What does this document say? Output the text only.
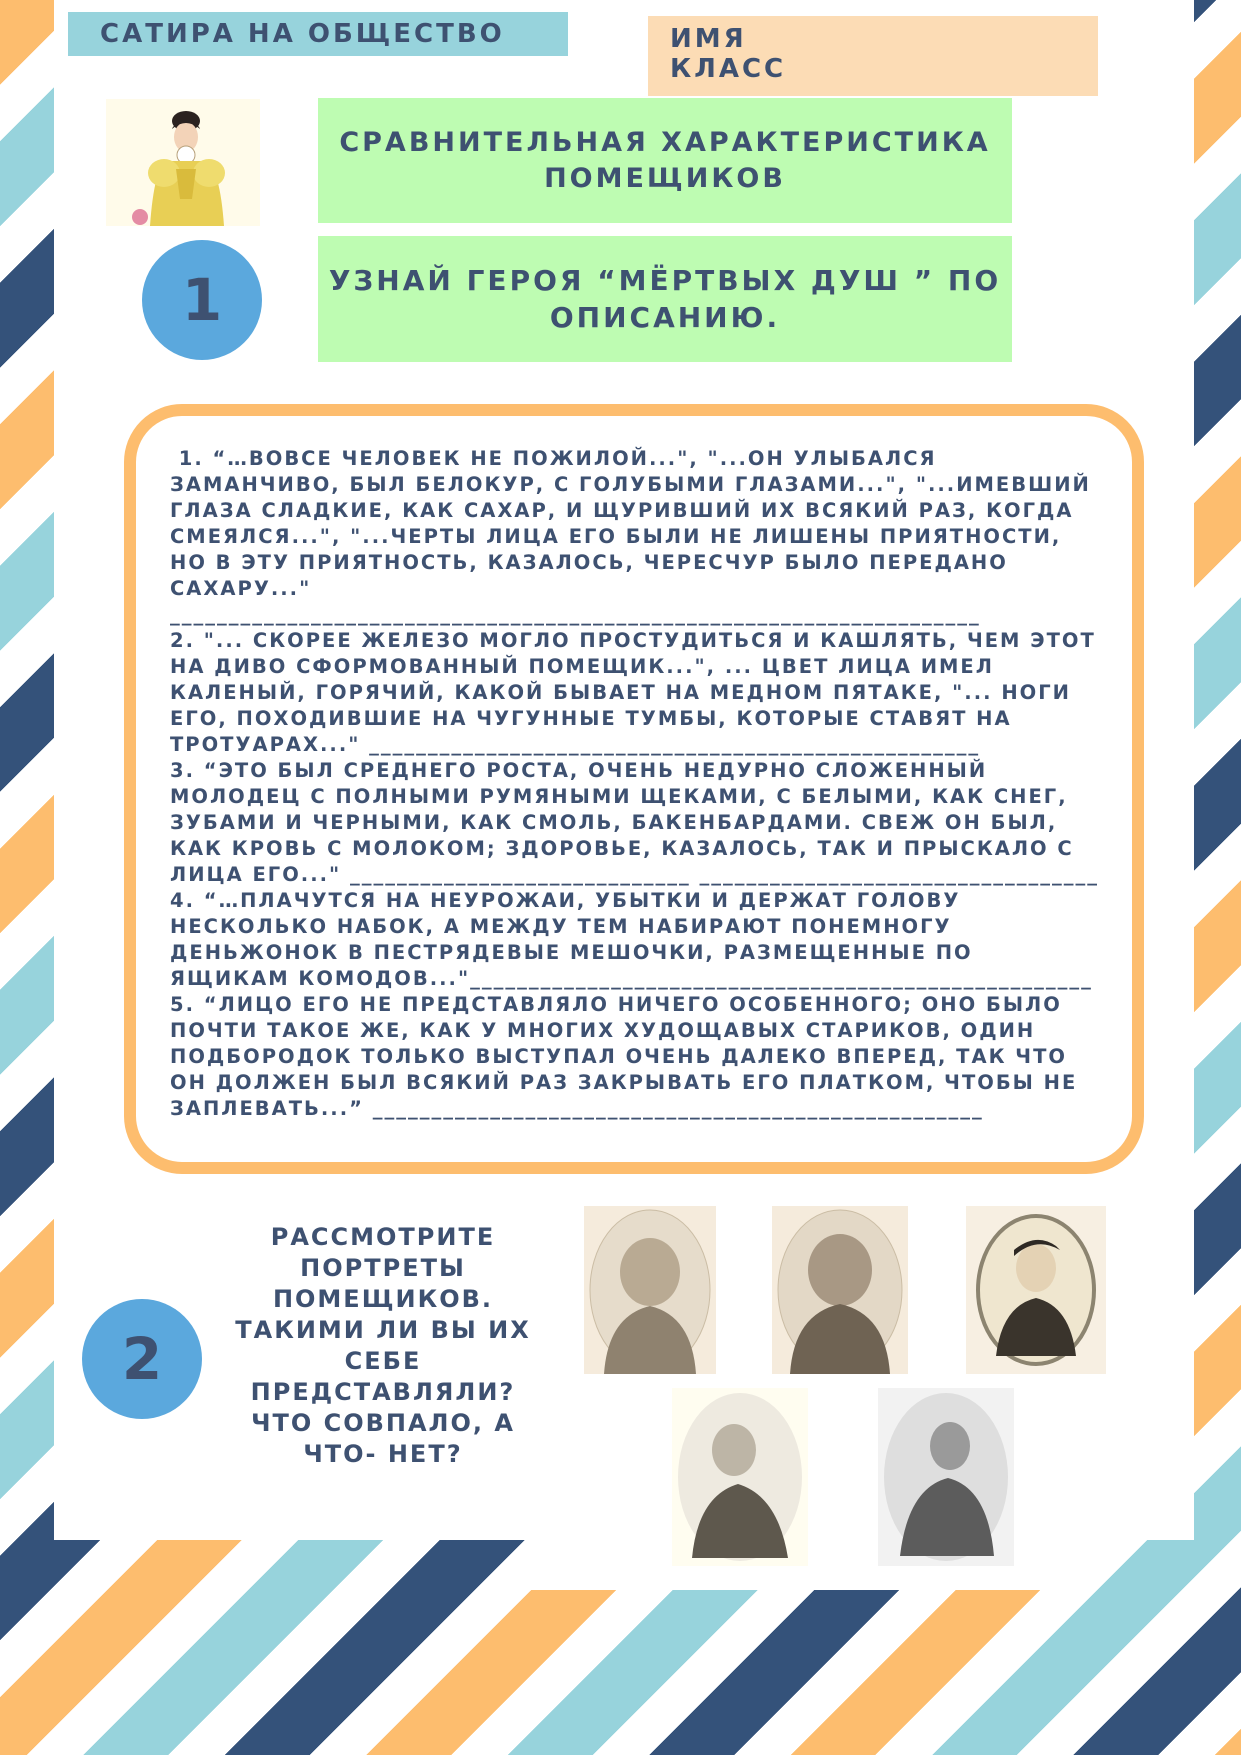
САТИРА НА ОБЩЕСТВО	ИМЯ
КЛАСС
СРАВНИТЕЛЬНАЯ ХАРАКТЕРИСТИКА ПОМЕЩИКОВ
1	УЗНАЙ ГЕРОЯ “МЁРТВЫХ ДУШ ” ПО ОПИСАНИЮ.

1. “…ВОВСЕ ЧЕЛОВЕК НЕ ПОЖИЛОЙ...", "...ОН УЛЫБАЛСЯ ЗАМАНЧИВО, БЫЛ БЕЛОКУР, С ГОЛУБЫМИ ГЛАЗАМИ...", "...ИМЕВШИЙ ГЛАЗА СЛАДКИЕ, КАК САХАР, И ЩУРИВШИЙ ИХ ВСЯКИЙ РАЗ, КОГДА СМЕЯЛСЯ...", "...ЧЕРТЫ ЛИЦА ЕГО БЫЛИ НЕ ЛИШЕНЫ ПРИЯТНОСТИ, НО В ЭТУ ПРИЯТНОСТЬ, КАЗАЛОСЬ, ЧЕРЕСЧУР БЫЛО ПЕРЕДАНО САХАРУ..." _____________________________________________________________________

2. "... СКОРЕЕ ЖЕЛЕЗО МОГЛО ПРОСТУДИТЬСЯ И КАШЛЯТЬ, ЧЕМ ЭТОТ НА ДИВО СФОРМОВАННЫЙ ПОМЕЩИК...", ... ЦВЕТ ЛИЦА ИМЕЛ КАЛЕНЫЙ, ГОРЯЧИЙ, КАКОЙ БЫВАЕТ НА МЕДНОМ ПЯТАКЕ, "... НОГИ ЕГО, ПОХОДИВШИЕ НА ЧУГУННЫЕ ТУМБЫ, КОТОРЫЕ СТАВЯТ НА ТРОТУАРАХ..." ____________________________________________________

3. “ЭТО БЫЛ СРЕДНЕГО РОСТА, ОЧЕНЬ НЕДУРНО СЛОЖЕННЫЙ МОЛОДЕЦ С ПОЛНЫМИ РУМЯНЫМИ ЩЕКАМИ, С БЕЛЫМИ, КАК СНЕГ, ЗУБАМИ И ЧЕРНЫМИ, КАК СМОЛЬ, БАКЕНБАРДАМИ. СВЕЖ ОН БЫЛ, КАК КРОВЬ С МОЛОКОМ; ЗДОРОВЬЕ, КАЗАЛОСЬ, ТАК И ПРЫСКАЛО С ЛИЦА ЕГО..." _____________________________ __________________________________

4. “…ПЛАЧУТСЯ НА НЕУРОЖАИ, УБЫТКИ И ДЕРЖАТ ГОЛОВУ НЕСКОЛЬКО НАБОК, А МЕЖДУ ТЕМ НАБИРАЮТ ПОНЕМНОГУ ДЕНЬЖОНОК В ПЕСТРЯДЕВЫЕ МЕШОЧКИ, РАЗМЕЩЕННЫЕ ПО ЯЩИКАМ КОМОДОВ..."_____________________________________________________

5. “ЛИЦО ЕГО НЕ ПРЕДСТАВЛЯЛО НИЧЕГО ОСОБЕННОГО; ОНО БЫЛО ПОЧТИ ТАКОЕ ЖЕ, КАК У МНОГИХ ХУДОЩАВЫХ СТАРИКОВ, ОДИН ПОДБОРОДОК ТОЛЬКО ВЫСТУПАЛ ОЧЕНЬ ДАЛЕКО ВПЕРЕД, ТАК ЧТО ОН ДОЛЖЕН БЫЛ ВСЯКИЙ РАЗ ЗАКРЫВАТЬ ЕГО ПЛАТКОМ, ЧТОБЫ НЕ ЗАПЛЕВАТЬ...” ____________________________________________________

2
РАССМОТРИТЕ ПОРТРЕТЫ ПОМЕЩИКОВ. ТАКИМИ ЛИ ВЫ ИХ СЕБЕ ПРЕДСТАВЛЯЛИ? ЧТО СОВПАЛО, А ЧТО- НЕТ?
